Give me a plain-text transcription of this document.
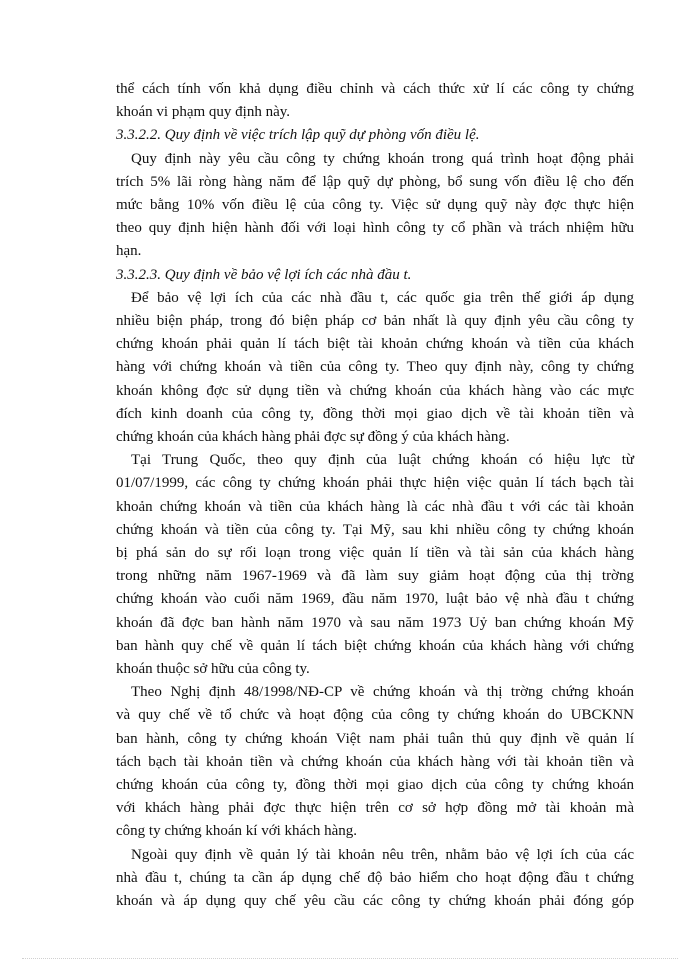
thể cách tính vốn khả dụng điều chỉnh và cách thức xử lí các công ty chứng

khoán vi phạm quy định này.

3.3.2.2. Quy định về việc trích lập quỹ dự phòng vốn điều lệ.

Quy định này yêu cầu công ty chứng khoán trong quá trình hoạt động phải

trích 5% lãi ròng hàng năm để lập quỹ dự phòng, bổ sung vốn điều lệ cho đến

mức bằng 10% vốn điều lệ của công ty. Việc sử dụng quỹ này đợc thực hiện

theo quy định hiện hành đối với loại hình công ty cổ phần và trách nhiệm hữu

hạn.

3.3.2.3. Quy định về bảo vệ lợi ích các nhà đầu t.

Để bảo vệ lợi ích của các nhà đầu t, các quốc gia trên thế giới áp dụng

nhiều biện pháp, trong đó biện pháp cơ bản nhất là quy định yêu cầu công ty

chứng khoán phải quản lí tách biệt tài khoản chứng khoán và tiền của khách

hàng với chứng khoán và tiền của công ty. Theo quy định này, công ty chứng

khoán không đợc sử dụng tiền và chứng khoán của khách hàng vào các mực

đích kinh doanh của công ty, đồng thời mọi giao dịch về tài khoản tiền và

chứng khoán của khách hàng phải đợc sự đồng ý của khách hàng.

Tại Trung Quốc, theo quy định của luật chứng khoán có hiệu lực từ

01/07/1999, các công ty chứng khoán phải thực hiện việc quản lí tách bạch tài

khoản chứng khoán và tiền của khách hàng là các nhà đầu t với các tài khoản

chứng khoán và tiền của công ty. Tại Mỹ, sau khi nhiều công ty chứng khoán

bị phá sản do sự rối loạn trong việc quản lí tiền và tài sản của khách hàng

trong những năm 1967-1969 và đã làm suy giảm hoạt động của thị trờng

chứng khoán vào cuối năm 1969, đầu năm 1970, luật bảo vệ nhà đầu t chứng

khoán đã đợc ban hành năm 1970 và sau năm 1973 Uỷ ban chứng khoán Mỹ

ban hành quy chế về quản lí tách biệt chứng khoán của khách hàng với chứng

khoán thuộc sở hữu của công ty.

Theo Nghị định 48/1998/NĐ-CP về chứng khoán và thị trờng chứng khoán

và quy chế về tổ chức và hoạt động của công ty chứng khoán do UBCKNN

ban hành, công ty chứng khoán Việt nam phải tuân thủ quy định về quản lí

tách bạch tài khoản tiền và chứng khoán của khách hàng với tài khoản tiền và

chứng khoán của công ty, đồng thời mọi giao dịch của công ty chứng khoán

với khách hàng phải đợc thực hiện trên cơ sở hợp đồng mở tài khoản mà

công ty chứng khoán kí với khách hàng.

Ngoài quy định về quản lý tài khoản nêu trên, nhằm bảo vệ lợi ích của các

nhà đầu t, chúng ta cần áp dụng chế độ bảo hiểm cho hoạt động đầu t chứng

khoán và áp dụng quy chế yêu cầu các công ty chứng khoán phải đóng góp
